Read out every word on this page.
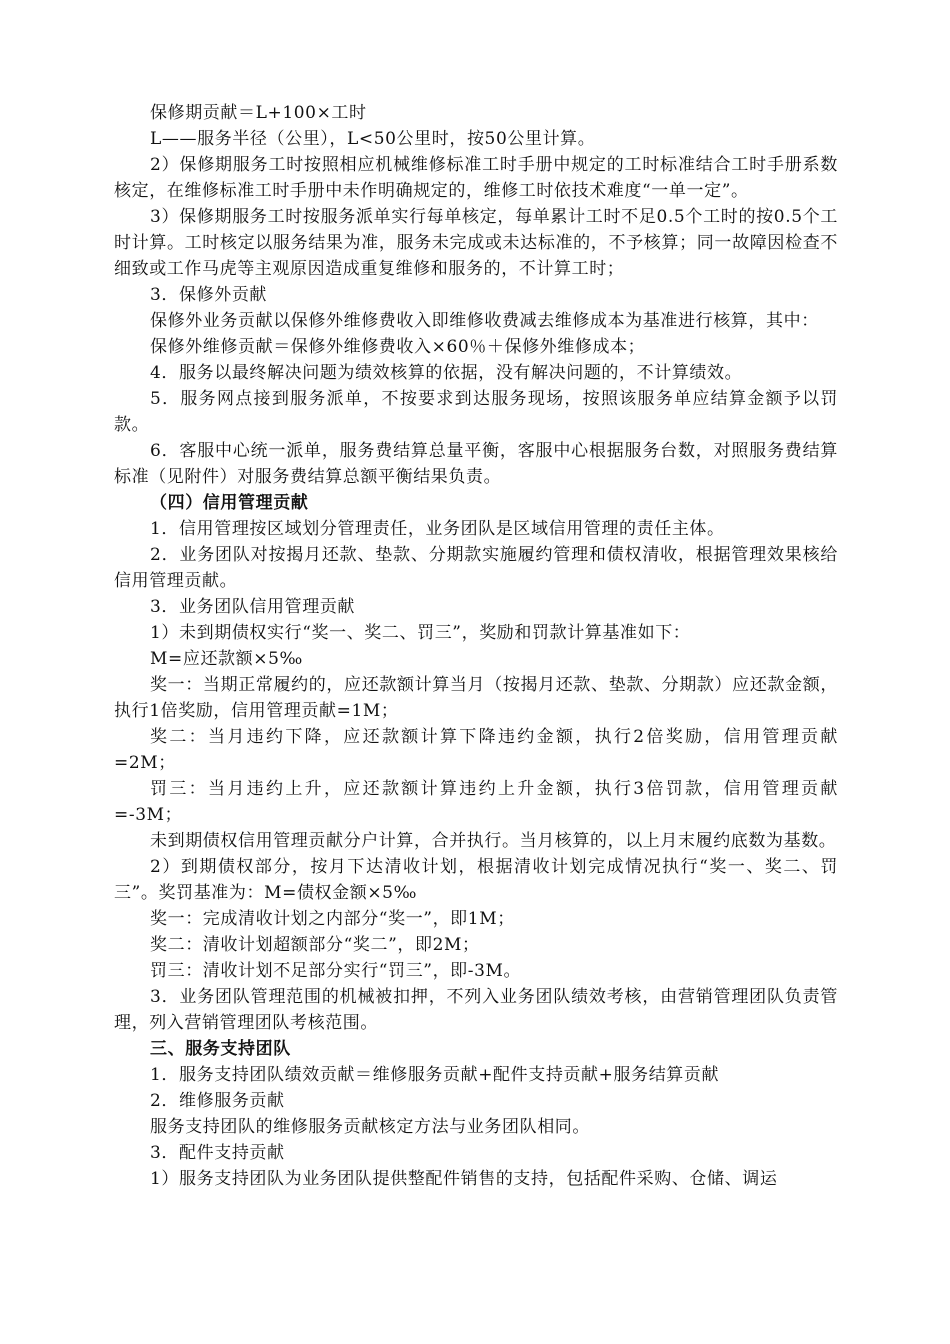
保修期贡献＝L+100×工时

L——服务半径（公里），L<50公里时，按50公里计算。

2）保修期服务工时按照相应机械维修标准工时手册中规定的工时标准结合工时手册系数核定，在维修标准工时手册中未作明确规定的，维修工时依技术难度“一单一定”。

3）保修期服务工时按服务派单实行每单核定，每单累计工时不足0.5个工时的按0.5个工时计算。工时核定以服务结果为准，服务未完成或未达标准的，不予核算；同一故障因检查不细致或工作马虎等主观原因造成重复维修和服务的，不计算工时；

3．保修外贡献

保修外业务贡献以保修外维修费收入即维修收费减去维修成本为基准进行核算，其中：

保修外维修贡献＝保修外维修费收入×60％＋保修外维修成本；

4．服务以最终解决问题为绩效核算的依据，没有解决问题的，不计算绩效。

5．服务网点接到服务派单，不按要求到达服务现场，按照该服务单应结算金额予以罚款。

6．客服中心统一派单，服务费结算总量平衡，客服中心根据服务台数，对照服务费结算标准（见附件）对服务费结算总额平衡结果负责。

（四）信用管理贡献

1．信用管理按区域划分管理责任，业务团队是区域信用管理的责任主体。

2．业务团队对按揭月还款、垫款、分期款实施履约管理和债权清收，根据管理效果核给信用管理贡献。

3．业务团队信用管理贡献

1）未到期债权实行“奖一、奖二、罚三”，奖励和罚款计算基准如下：

M=应还款额×5‰

奖一：当期正常履约的，应还款额计算当月（按揭月还款、垫款、分期款）应还款金额，执行1倍奖励，信用管理贡献=1M；

奖二：当月违约下降，应还款额计算下降违约金额，执行2倍奖励，信用管理贡献=2M；

罚三：当月违约上升，应还款额计算违约上升金额，执行3倍罚款，信用管理贡献=-3M；

未到期债权信用管理贡献分户计算，合并执行。当月核算的，以上月末履约底数为基数。

2）到期债权部分，按月下达清收计划，根据清收计划完成情况执行“奖一、奖二、罚三”。奖罚基准为：M=债权金额×5‰

奖一：完成清收计划之内部分“奖一”，即1M；

奖二：清收计划超额部分“奖二”，即2M；

罚三：清收计划不足部分实行“罚三”，即-3M。

3．业务团队管理范围的机械被扣押，不列入业务团队绩效考核，由营销管理团队负责管理，列入营销管理团队考核范围。

三、服务支持团队

1．服务支持团队绩效贡献＝维修服务贡献+配件支持贡献+服务结算贡献

2．维修服务贡献

服务支持团队的维修服务贡献核定方法与业务团队相同。

3．配件支持贡献

1）服务支持团队为业务团队提供整配件销售的支持，包括配件采购、仓储、调运
